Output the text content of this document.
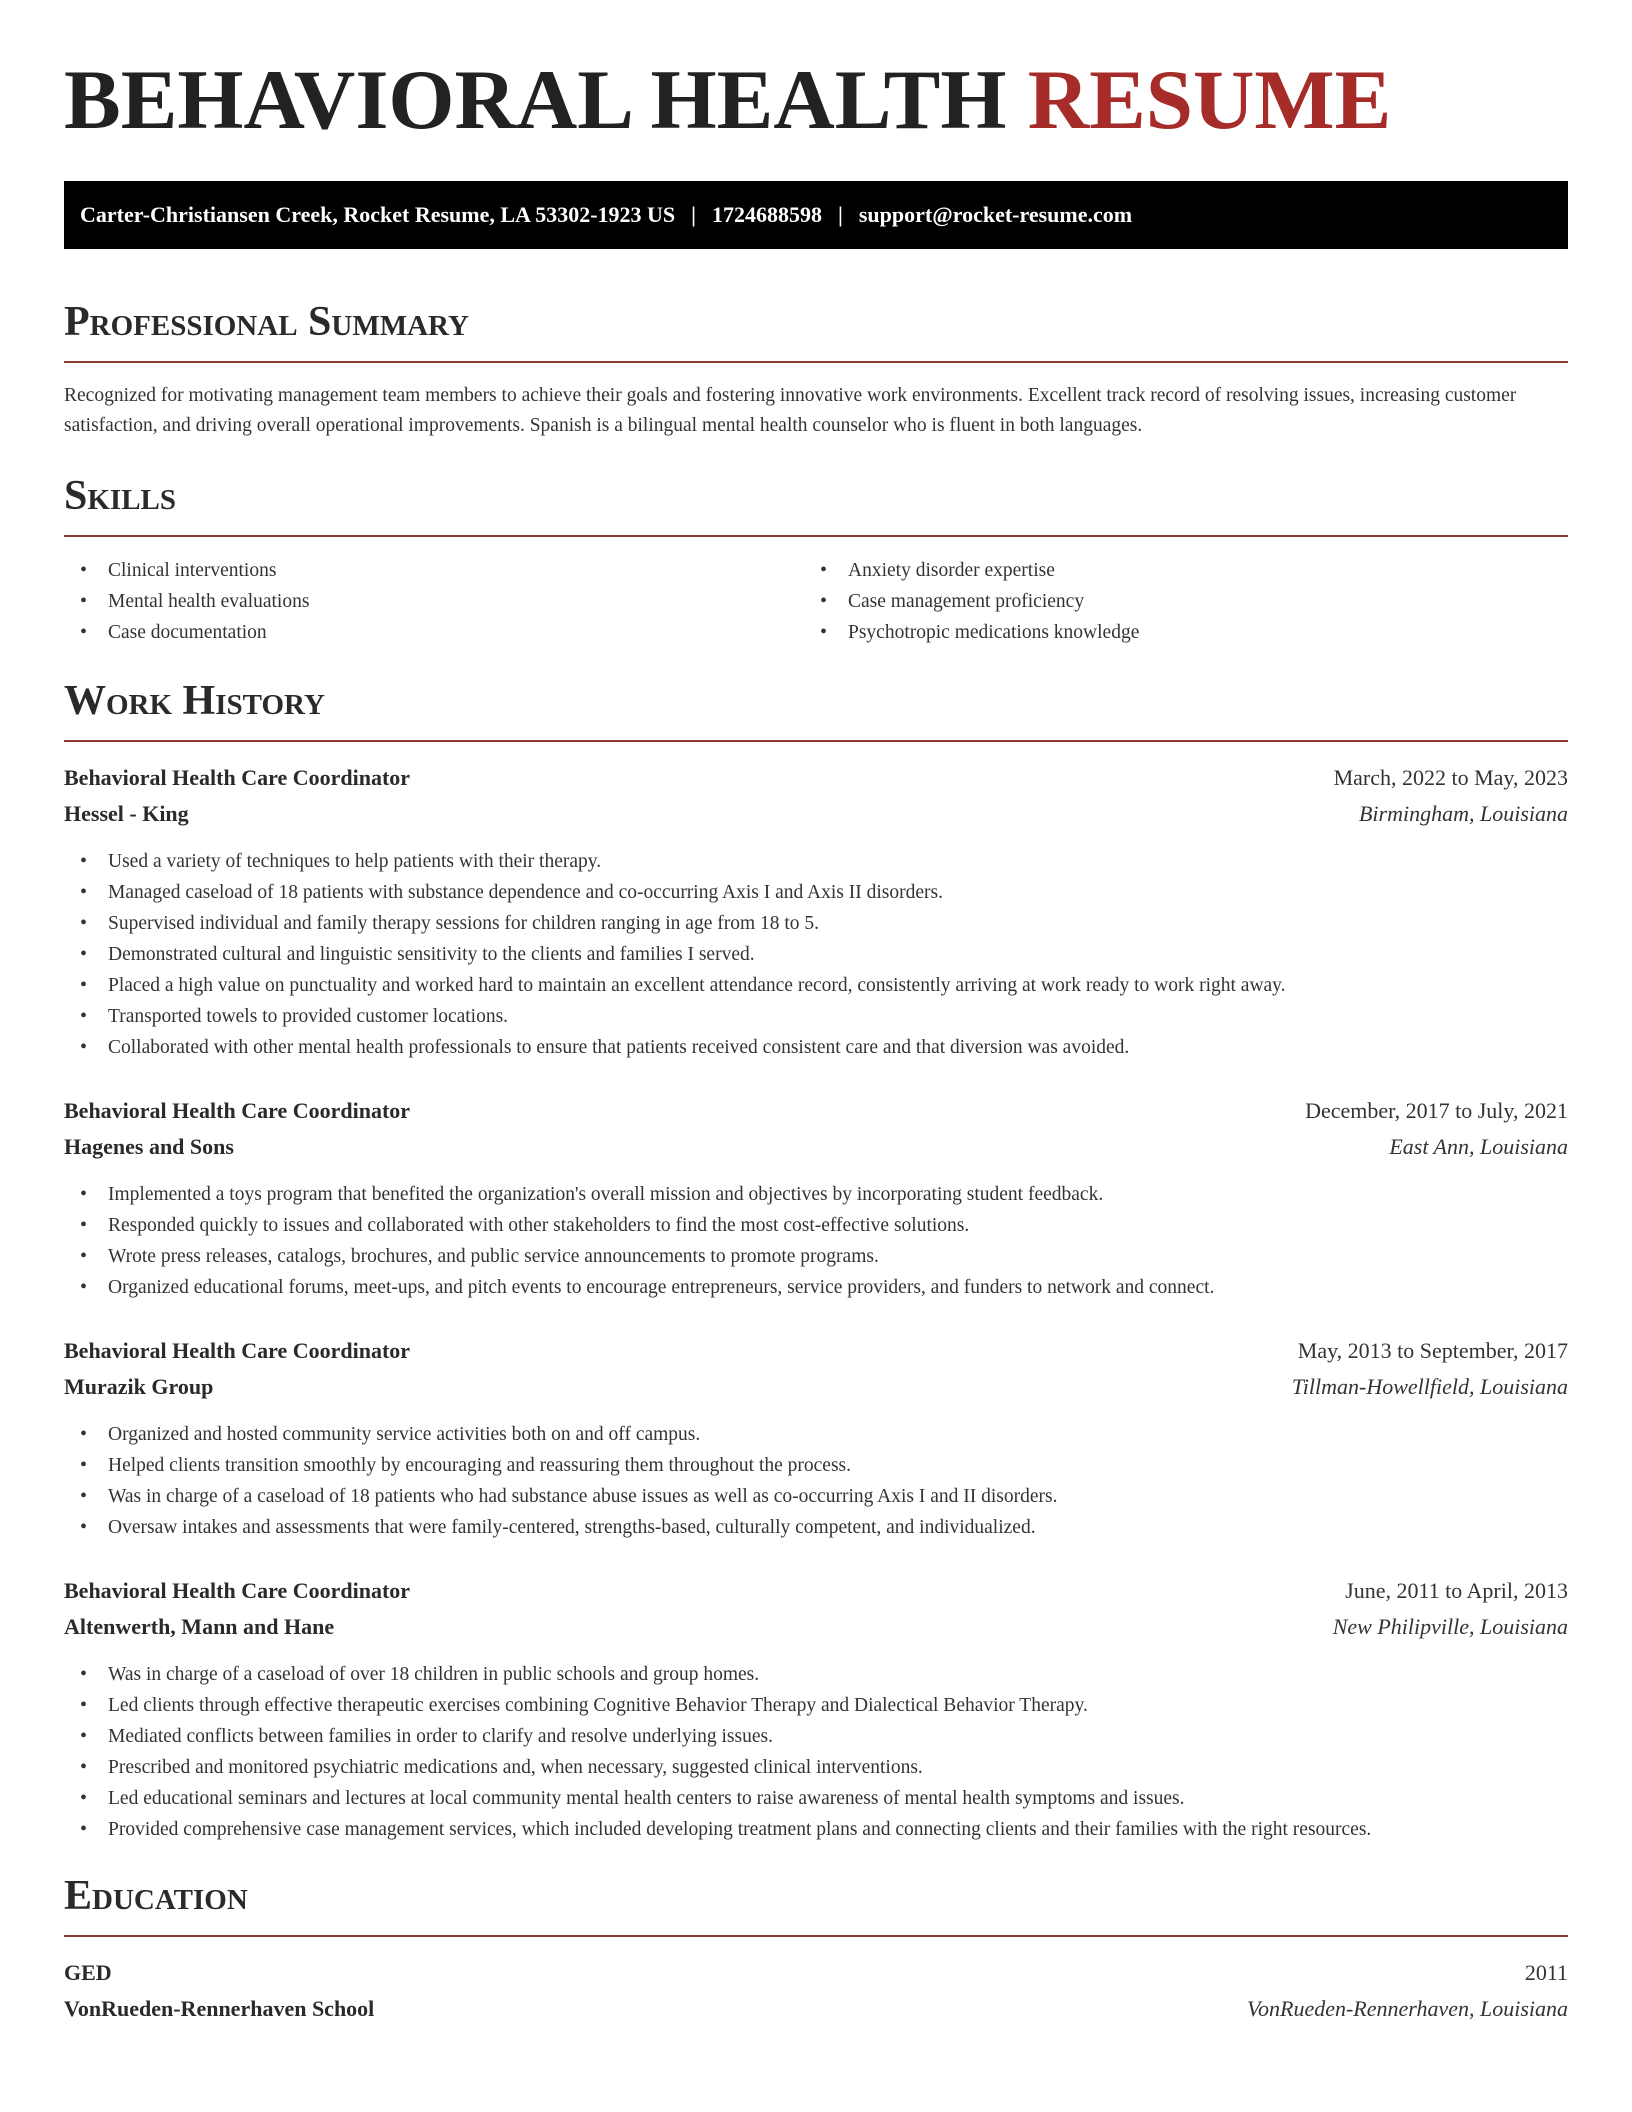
BEHAVIORAL HEALTH RESUME
Carter-Christiansen Creek, Rocket Resume, LA 53302-1923 US | 1724688598 | support@rocket-resume.com
Professional Summary

Recognized for motivating management team members to achieve their goals and fostering innovative work environments. Excellent track record of resolving issues, increasing customer satisfaction, and driving overall operational improvements. Spanish is a bilingual mental health counselor who is fluent in both languages.

Skills
• Clinical interventions
• Mental health evaluations
• Case documentation
• Anxiety disorder expertise
• Case management proficiency
• Psychotropic medications knowledge
Work History
Behavioral Health Care Coordinator	March, 2022 to May, 2023
Hessel - King	Birmingham, Louisiana
• Used a variety of techniques to help patients with their therapy.
• Managed caseload of 18 patients with substance dependence and co-occurring Axis I and Axis II disorders.
• Supervised individual and family therapy sessions for children ranging in age from 18 to 5.
• Demonstrated cultural and linguistic sensitivity to the clients and families I served.
• Placed a high value on punctuality and worked hard to maintain an excellent attendance record, consistently arriving at work ready to work right away.
• Transported towels to provided customer locations.
• Collaborated with other mental health professionals to ensure that patients received consistent care and that diversion was avoided.
Behavioral Health Care Coordinator	December, 2017 to July, 2021
Hagenes and Sons	East Ann, Louisiana
• Implemented a toys program that benefited the organization's overall mission and objectives by incorporating student feedback.
• Responded quickly to issues and collaborated with other stakeholders to find the most cost-effective solutions.
• Wrote press releases, catalogs, brochures, and public service announcements to promote programs.
• Organized educational forums, meet-ups, and pitch events to encourage entrepreneurs, service providers, and funders to network and connect.
Behavioral Health Care Coordinator	May, 2013 to September, 2017
Murazik Group	Tillman-Howellfield, Louisiana
• Organized and hosted community service activities both on and off campus.
• Helped clients transition smoothly by encouraging and reassuring them throughout the process.
• Was in charge of a caseload of 18 patients who had substance abuse issues as well as co-occurring Axis I and II disorders.
• Oversaw intakes and assessments that were family-centered, strengths-based, culturally competent, and individualized.
Behavioral Health Care Coordinator	June, 2011 to April, 2013
Altenwerth, Mann and Hane	New Philipville, Louisiana
• Was in charge of a caseload of over 18 children in public schools and group homes.
• Led clients through effective therapeutic exercises combining Cognitive Behavior Therapy and Dialectical Behavior Therapy.
• Mediated conflicts between families in order to clarify and resolve underlying issues.
• Prescribed and monitored psychiatric medications and, when necessary, suggested clinical interventions.
• Led educational seminars and lectures at local community mental health centers to raise awareness of mental health symptoms and issues.
• Provided comprehensive case management services, which included developing treatment plans and connecting clients and their families with the right resources.
Education
GED	2011
VonRueden-Rennerhaven School	VonRueden-Rennerhaven, Louisiana
